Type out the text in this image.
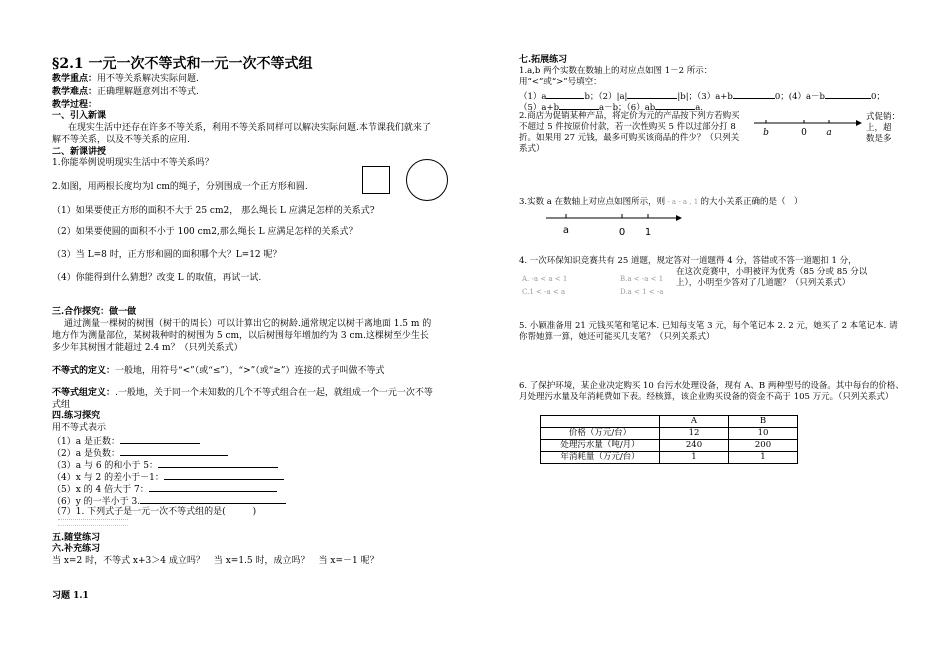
§2.1 一元一次不等式和一元一次不等式组
教学重点：用不等关系解决实际问题.
教学难点：正确理解题意列出不等式.
教学过程：
一、引入新课
在现实生活中还存在许多不等关系，利用不等关系同样可以解决实际问题.本节课我们就来了解不等关系，以及不等关系的应用.
二、新课讲授
1.你能举例说明现实生活中不等关系吗？
2.如图，用两根长度均为l cm的绳子，分别围成一个正方形和圆.
（1）如果要使正方形的面积不大于 25 cm2， 那么绳长 L 应满足怎样的关系式?
（2）如果要使圆的面积不小于 100 cm2,那么绳长 L 应满足怎样的关系式？
（3）当 L=8 时，正方形和圆的面积哪个大？L=12 呢？
（4）你能得到什么猜想？改变 L 的取值，再试一试.
三.合作探究：做一做
通过测量一棵树的树围（树干的周长）可以计算出它的树龄.通常规定以树干离地面 1.5 m 的地方作为测量部位，某树栽种时的树围为 5 cm，以后树围每年增加约为 3 cm.这棵树至少生长多少年其树围才能超过 2.4 m？（只列关系式）
不等式的定义：一般地，用符号“<”（或“≤”），“>”（或“≥”）连接的式子叫做不等式
不等式组定义：.一般地，关于同一个未知数的几个不等式组合在一起，就组成一个一元一次不等式组
四.练习探究
用不等式表示
（1）a 是正数：
（2）a 是负数：
（3）a 与 6 的和小于 5：
（4）x 与 2 的差小于－1：
（5）x 的 4 倍大于 7：
（6）y 的一半小于 3.
（7）1. 下列式子是一元一次不等式组的是(　　　)
五.随堂练习
六.补充练习
当 x=2 时，不等式 x+3＞4 成立吗？　当 x=1.5 时，成立吗？　当 x=－1 呢？
习题 1.1
七.拓展练习
1.a,b 两个实数在数轴上的对应点如图 1－2 所示：
用“<”或“>”号填空：
（1）a	b；（2）|a|	|b|；（3）a+b	0；(4）a－b	0；
（5）a+b	a－b；（6）ab	a.
2.商店为促销某种产品，将定价为元的产品按下列方若购买不超过 5 件按原价付款，若一次性购买 5 件以过部分打 8 折。如果用 27 元钱，最多可购买该商品的件少？（只列关系式）
式促销：
上，超
数是多
b	0 a
3.实数 a 在数轴上对应点如图所示，则 - a - a , 1 的大小关系正确的是（　）
a	0 1
4. 一次环保知识竞赛共有 25 道题，规定答对一道题得 4 分，答错或不答一道题扣 1 分，
在这次竞赛中，小明被评为优秀（85 分或 85 分以
上），小明至少答对了几道题？（只列关系式）
A. -a < a < 1	B.a < -a < 1
C.1 < -a < a	D.a < 1 < -a
5. 小颖准备用 21 元钱买笔和笔记本. 已知每支笔 3 元，每个笔记本 2. 2 元，她买了 2 本笔记本. 请你帮她算一算，她还可能买几支笔？（只列关系式）
6. 了保护环境，某企业决定购买 10 台污水处理设备，现有 A、B 两种型号的设备。其中每台的价格、月处理污水量及年消耗费如下表。经核算，该企业购买设备的资金不高于 105 万元。（只列关系式）
	A	B
价格（万元/台）	12	10
处理污水量（吨/月）	240	200
年消耗量（万元/台）	1	1
